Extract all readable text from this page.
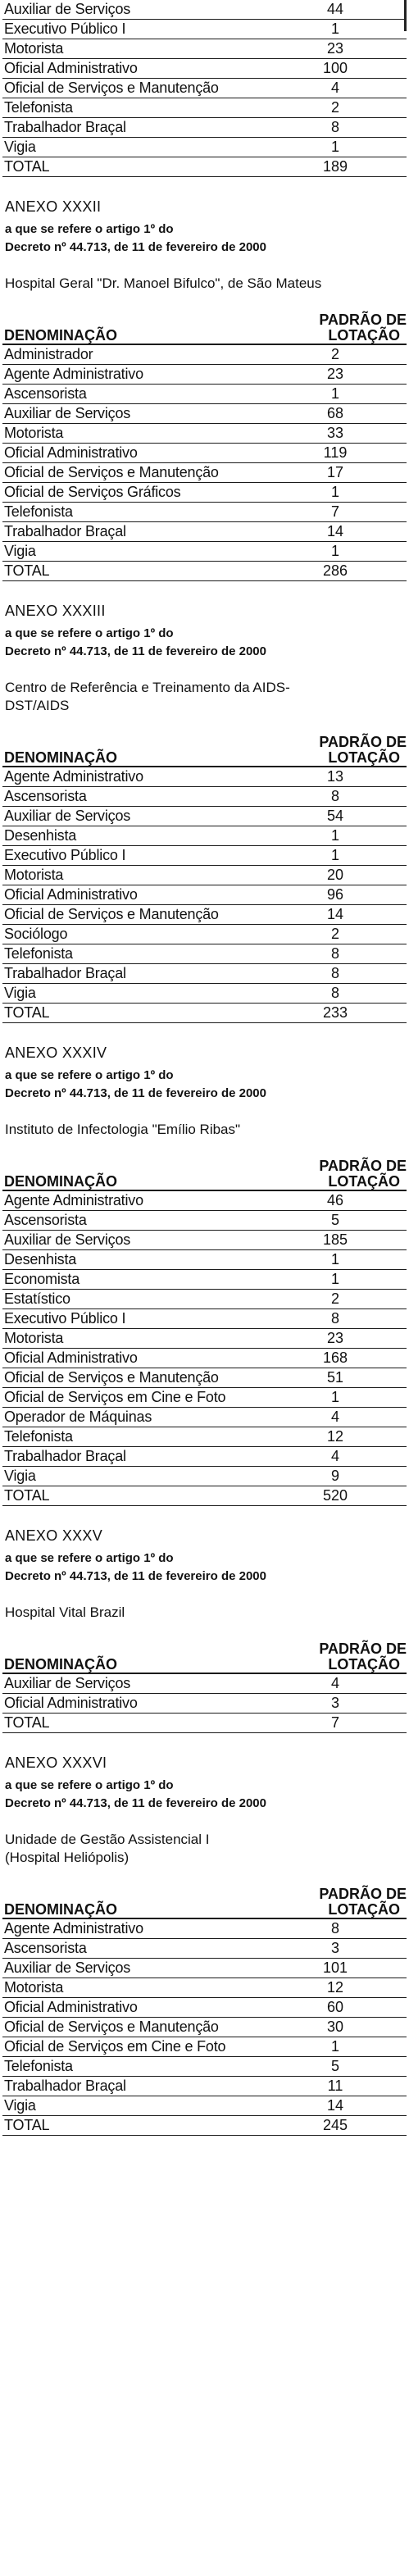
Auxiliar de Serviços	44
Executivo Público I	1
Motorista	23
Oficial Administrativo	100
Oficial de Serviços e Manutenção	4
Telefonista	2
Trabalhador Braçal	8
Vigia	1
TOTAL	189
ANEXO XXXII
a que se refere o artigo 1º do
Decreto nº 44.713, de 11 de fevereiro de 2000
Hospital Geral "Dr. Manoel Bifulco", de São Mateus
DENOMINAÇÃO	PADRÃO DE
LOTAÇÃO

Administrador	2
Agente Administrativo	23
Ascensorista	1
Auxiliar de Serviços	68
Motorista	33
Oficial Administrativo	119
Oficial de Serviços e Manutenção	17
Oficial de Serviços Gráficos	1
Telefonista	7
Trabalhador Braçal	14
Vigia	1
TOTAL	286
ANEXO XXXIII
a que se refere o artigo 1º do
Decreto nº 44.713, de 11 de fevereiro de 2000
Centro de Referência e Treinamento da AIDS-
DST/AIDS
DENOMINAÇÃO	PADRÃO DE
LOTAÇÃO

Agente Administrativo	13
Ascensorista	8
Auxiliar de Serviços	54
Desenhista	1
Executivo Público I	1
Motorista	20
Oficial Administrativo	96
Oficial de Serviços e Manutenção	14
Sociólogo	2
Telefonista	8
Trabalhador Braçal	8
Vigia	8
TOTAL	233
ANEXO XXXIV
a que se refere o artigo 1º do
Decreto nº 44.713, de 11 de fevereiro de 2000
Instituto de Infectologia "Emílio Ribas"
DENOMINAÇÃO	PADRÃO DE
LOTAÇÃO

Agente Administrativo	46
Ascensorista	5
Auxiliar de Serviços	185
Desenhista	1
Economista	1
Estatístico	2
Executivo Público I	8
Motorista	23
Oficial Administrativo	168
Oficial de Serviços e Manutenção	51
Oficial de Serviços em Cine e Foto	1
Operador de Máquinas	4
Telefonista	12
Trabalhador Braçal	4
Vigia	9
TOTAL	520
ANEXO XXXV
a que se refere o artigo 1º do
Decreto nº 44.713, de 11 de fevereiro de 2000
Hospital Vital Brazil
DENOMINAÇÃO	PADRÃO DE
LOTAÇÃO

Auxiliar de Serviços	4
Oficial Administrativo	3
TOTAL	7
ANEXO XXXVI
a que se refere o artigo 1º do
Decreto nº 44.713, de 11 de fevereiro de 2000
Unidade de Gestão Assistencial I
(Hospital Heliópolis)
DENOMINAÇÃO	PADRÃO DE
LOTAÇÃO

Agente Administrativo	8
Ascensorista	3
Auxiliar de Serviços	101
Motorista	12
Oficial Administrativo	60
Oficial de Serviços e Manutenção	30
Oficial de Serviços em Cine e Foto	1
Telefonista	5
Trabalhador Braçal	11
Vigia	14
TOTAL	245
